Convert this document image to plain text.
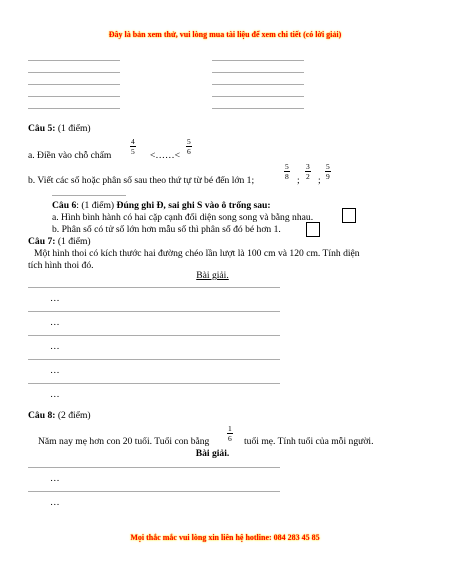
Đây là bản xem thử, vui lòng mua tài liệu để xem chi tiết (có lời giải)
..............................................	..............................................
..............................................	..............................................
..............................................	..............................................
..............................................	..............................................
..............................................	..............................................
Câu 5: (1 điểm)
a. Điền vào chỗ chấm $\frac{4}{5}$ <……< $\frac{5}{6}$
b. Viết các số hoặc phân số sau theo thứ tự từ bé đến lớn 1;	$\frac{5}{8}$ ; $\frac{3}{2}$ ; $\frac{5}{9}$
.....................................
Câu 6: (1 điểm) Đúng ghi Đ, sai ghi S vào ô trống sau:
a. Hình bình hành có hai cặp cạnh đối diện song song và bằng nhau.
b. Phân số có tử số lớn hơn mẫu số thì phân số đó bé hơn 1.
Câu 7: (1 điểm)
Một hình thoi có kích thước hai đường chéo lần lượt là 100 cm và 120 cm. Tính diện
tích hình thoi đó.
Bài giải.
..............................................................................................................................
…
..............................................................................................................................
…
..............................................................................................................................
…
..............................................................................................................................
…
..............................................................................................................................
…
Câu 8: (2 điểm)
Năm nay mẹ hơn con 20 tuổi. Tuổi con bằng $\frac{1}{6}$ tuổi mẹ. Tính tuổi của mỗi người.
Bài giải.
..............................................................................................................................
…
..............................................................................................................................
…
Mọi thắc mắc vui lòng xin liên hệ hotline: 084 283 45 85
